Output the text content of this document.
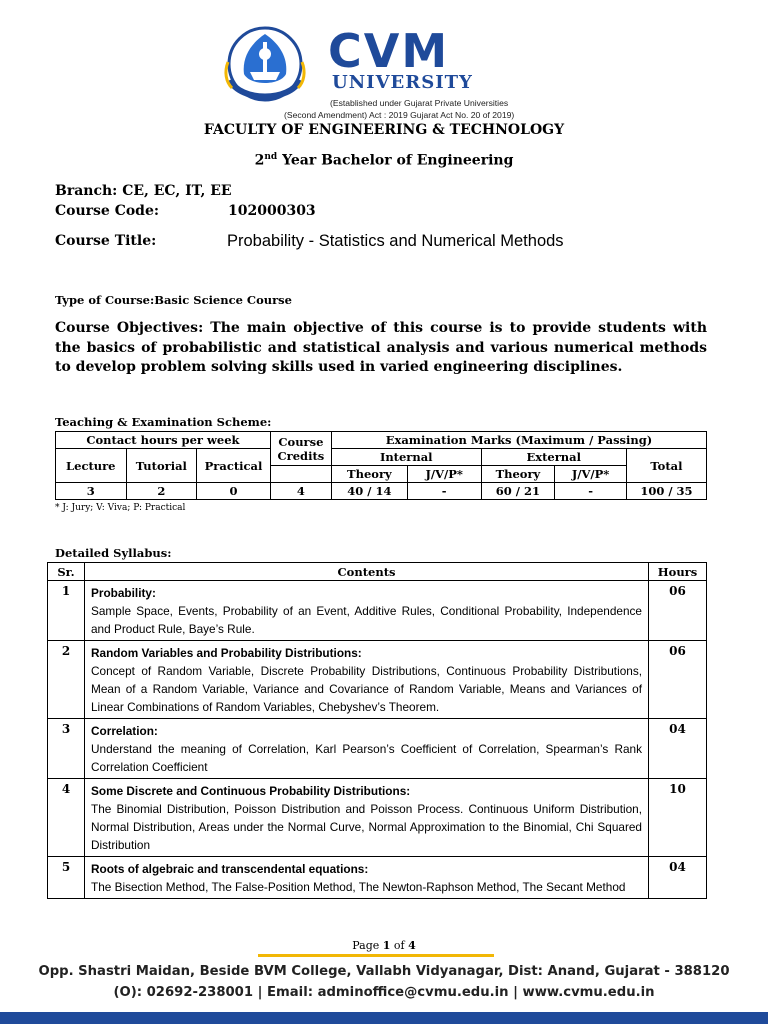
CVM
UNIVERSITY
(Established under Gujarat Private Universities
(Second Amendment) Act : 2019 Gujarat Act No. 20 of 2019)
FACULTY OF ENGINEERING & TECHNOLOGY
2nd Year Bachelor of Engineering
Branch: CE, EC, IT, EE
Course Code:	102000303
Course Title:	Probability - Statistics and Numerical Methods
Type of Course:Basic Science Course
Course Objectives: The main objective of this course is to provide students with the basics of probabilistic and statistical analysis and various numerical methods to develop problem solving skills used in varied engineering disciplines.
Teaching & Examination Scheme:
Contact hours per week			Course Credits	Examination Marks (Maximum / Passing)				
Lecture	Tutorial	Practical		Internal		External		Total
				Theory	J/V/P*	Theory	J/V/P*	
3	2	0	4	40 / 14	-	60 / 21	-	100 / 35
* J: Jury; V: Viva; P: Practical
Detailed Syllabus:
Sr.	Contents	Hours
1	Probability:
Sample Space, Events, Probability of an Event, Additive Rules, Conditional Probability, Independence and Product Rule, Baye’s Rule.	06
2	Random Variables and Probability Distributions:
Concept of Random Variable, Discrete Probability Distributions, Continuous Probability Distributions, Mean of a Random Variable, Variance and Covariance of Random Variable, Means and Variances of Linear Combinations of Random Variables, Chebyshev’s Theorem.	06
3	Correlation:
Understand the meaning of Correlation, Karl Pearson’s Coefficient of Correlation, Spearman’s Rank Correlation Coefficient	04
4	Some Discrete and Continuous Probability Distributions:
The Binomial Distribution, Poisson Distribution and Poisson Process. Continuous Uniform Distribution, Normal Distribution, Areas under the Normal Curve, Normal Approximation to the Binomial, Chi Squared Distribution	10
5	Roots of algebraic and transcendental equations:
The Bisection Method, The False-Position Method, The Newton-Raphson Method, The Secant Method	04
Page 1 of 4
Opp. Shastri Maidan, Beside BVM College, Vallabh Vidyanagar, Dist: Anand, Gujarat - 388120
(O): 02692-238001 | Email: adminoffice@cvmu.edu.in | www.cvmu.edu.in
